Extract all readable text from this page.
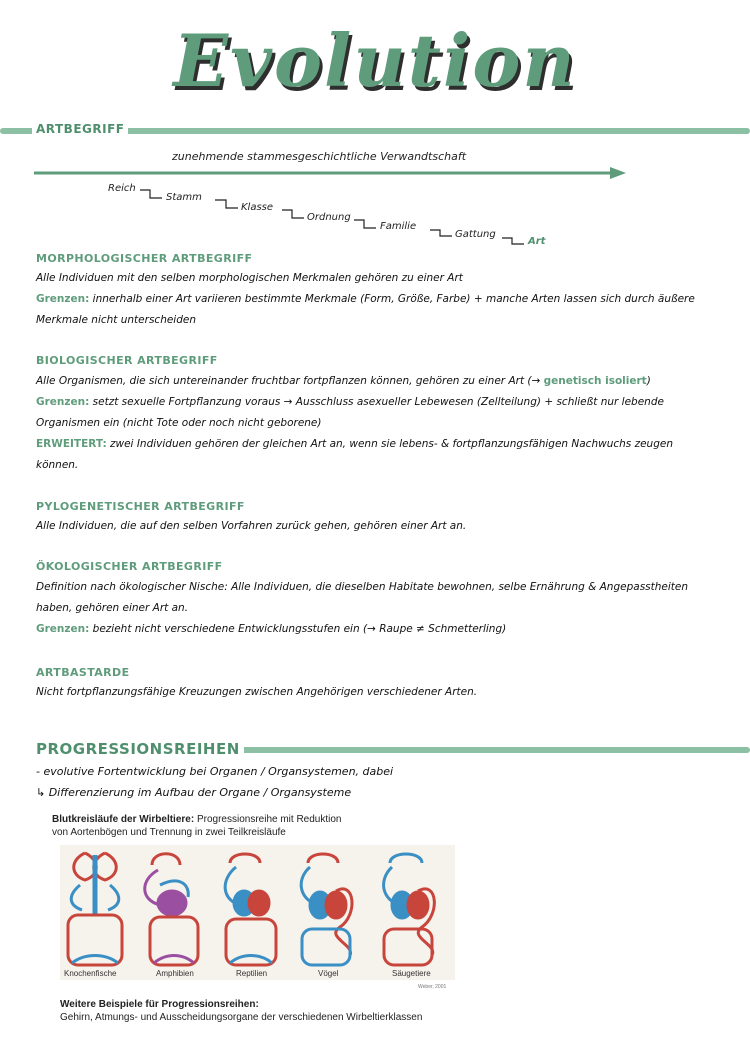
Evolution
ARTBEGRIFF
zunehmende stammesgeschichtliche Verwandtschaft
Reich
Stamm
Klasse
Ordnung
Familie
Gattung
Art
MORPHOLOGISCHER ARTBEGRIFF
Alle Individuen mit den selben morphologischen Merkmalen gehören zu einer Art
Grenzen: innerhalb einer Art variieren bestimmte Merkmale (Form, Größe, Farbe) + manche Arten lassen sich durch äußere Merkmale nicht unterscheiden
BIOLOGISCHER ARTBEGRIFF
Alle Organismen, die sich untereinander fruchtbar fortpflanzen können, gehören zu einer Art (→ genetisch isoliert)
Grenzen: setzt sexuelle Fortpflanzung voraus → Ausschluss asexueller Lebewesen (Zellteilung) + schließt nur lebende Organismen ein (nicht Tote oder noch nicht geborene)
ERWEITERT: zwei Individuen gehören der gleichen Art an, wenn sie lebens- & fortpflanzungsfähigen Nachwuchs zeugen können.
PYLOGENETISCHER ARTBEGRIFF
Alle Individuen, die auf den selben Vorfahren zurück gehen, gehören einer Art an.
ÖKOLOGISCHER ARTBEGRIFF
Definition nach ökologischer Nische: Alle Individuen, die dieselben Habitate bewohnen, selbe Ernährung & Angepasstheiten haben, gehören einer Art an.
Grenzen: bezieht nicht verschiedene Entwicklungsstufen ein (→ Raupe ≠ Schmetterling)
ARTBASTARDE
Nicht fortpflanzungsfähige Kreuzungen zwischen Angehörigen verschiedener Arten.
PROGRESSIONSREIHEN
- evolutive Fortentwicklung bei Organen / Organsystemen, dabei
↳ Differenzierung im Aufbau der Organe / Organsysteme
Blutkreisläufe der Wirbeltiere: Progressionsreihe mit Reduktion
von Aortenbögen und Trennung in zwei Teilkreisläufe
Knochenfische	Amphibien	Reptilien	Vögel	Säugetiere
Weber, 2001
Weitere Beispiele für Progressionsreihen:
Gehirn, Atmungs- und Ausscheidungsorgane der verschiedenen Wirbeltierklassen
